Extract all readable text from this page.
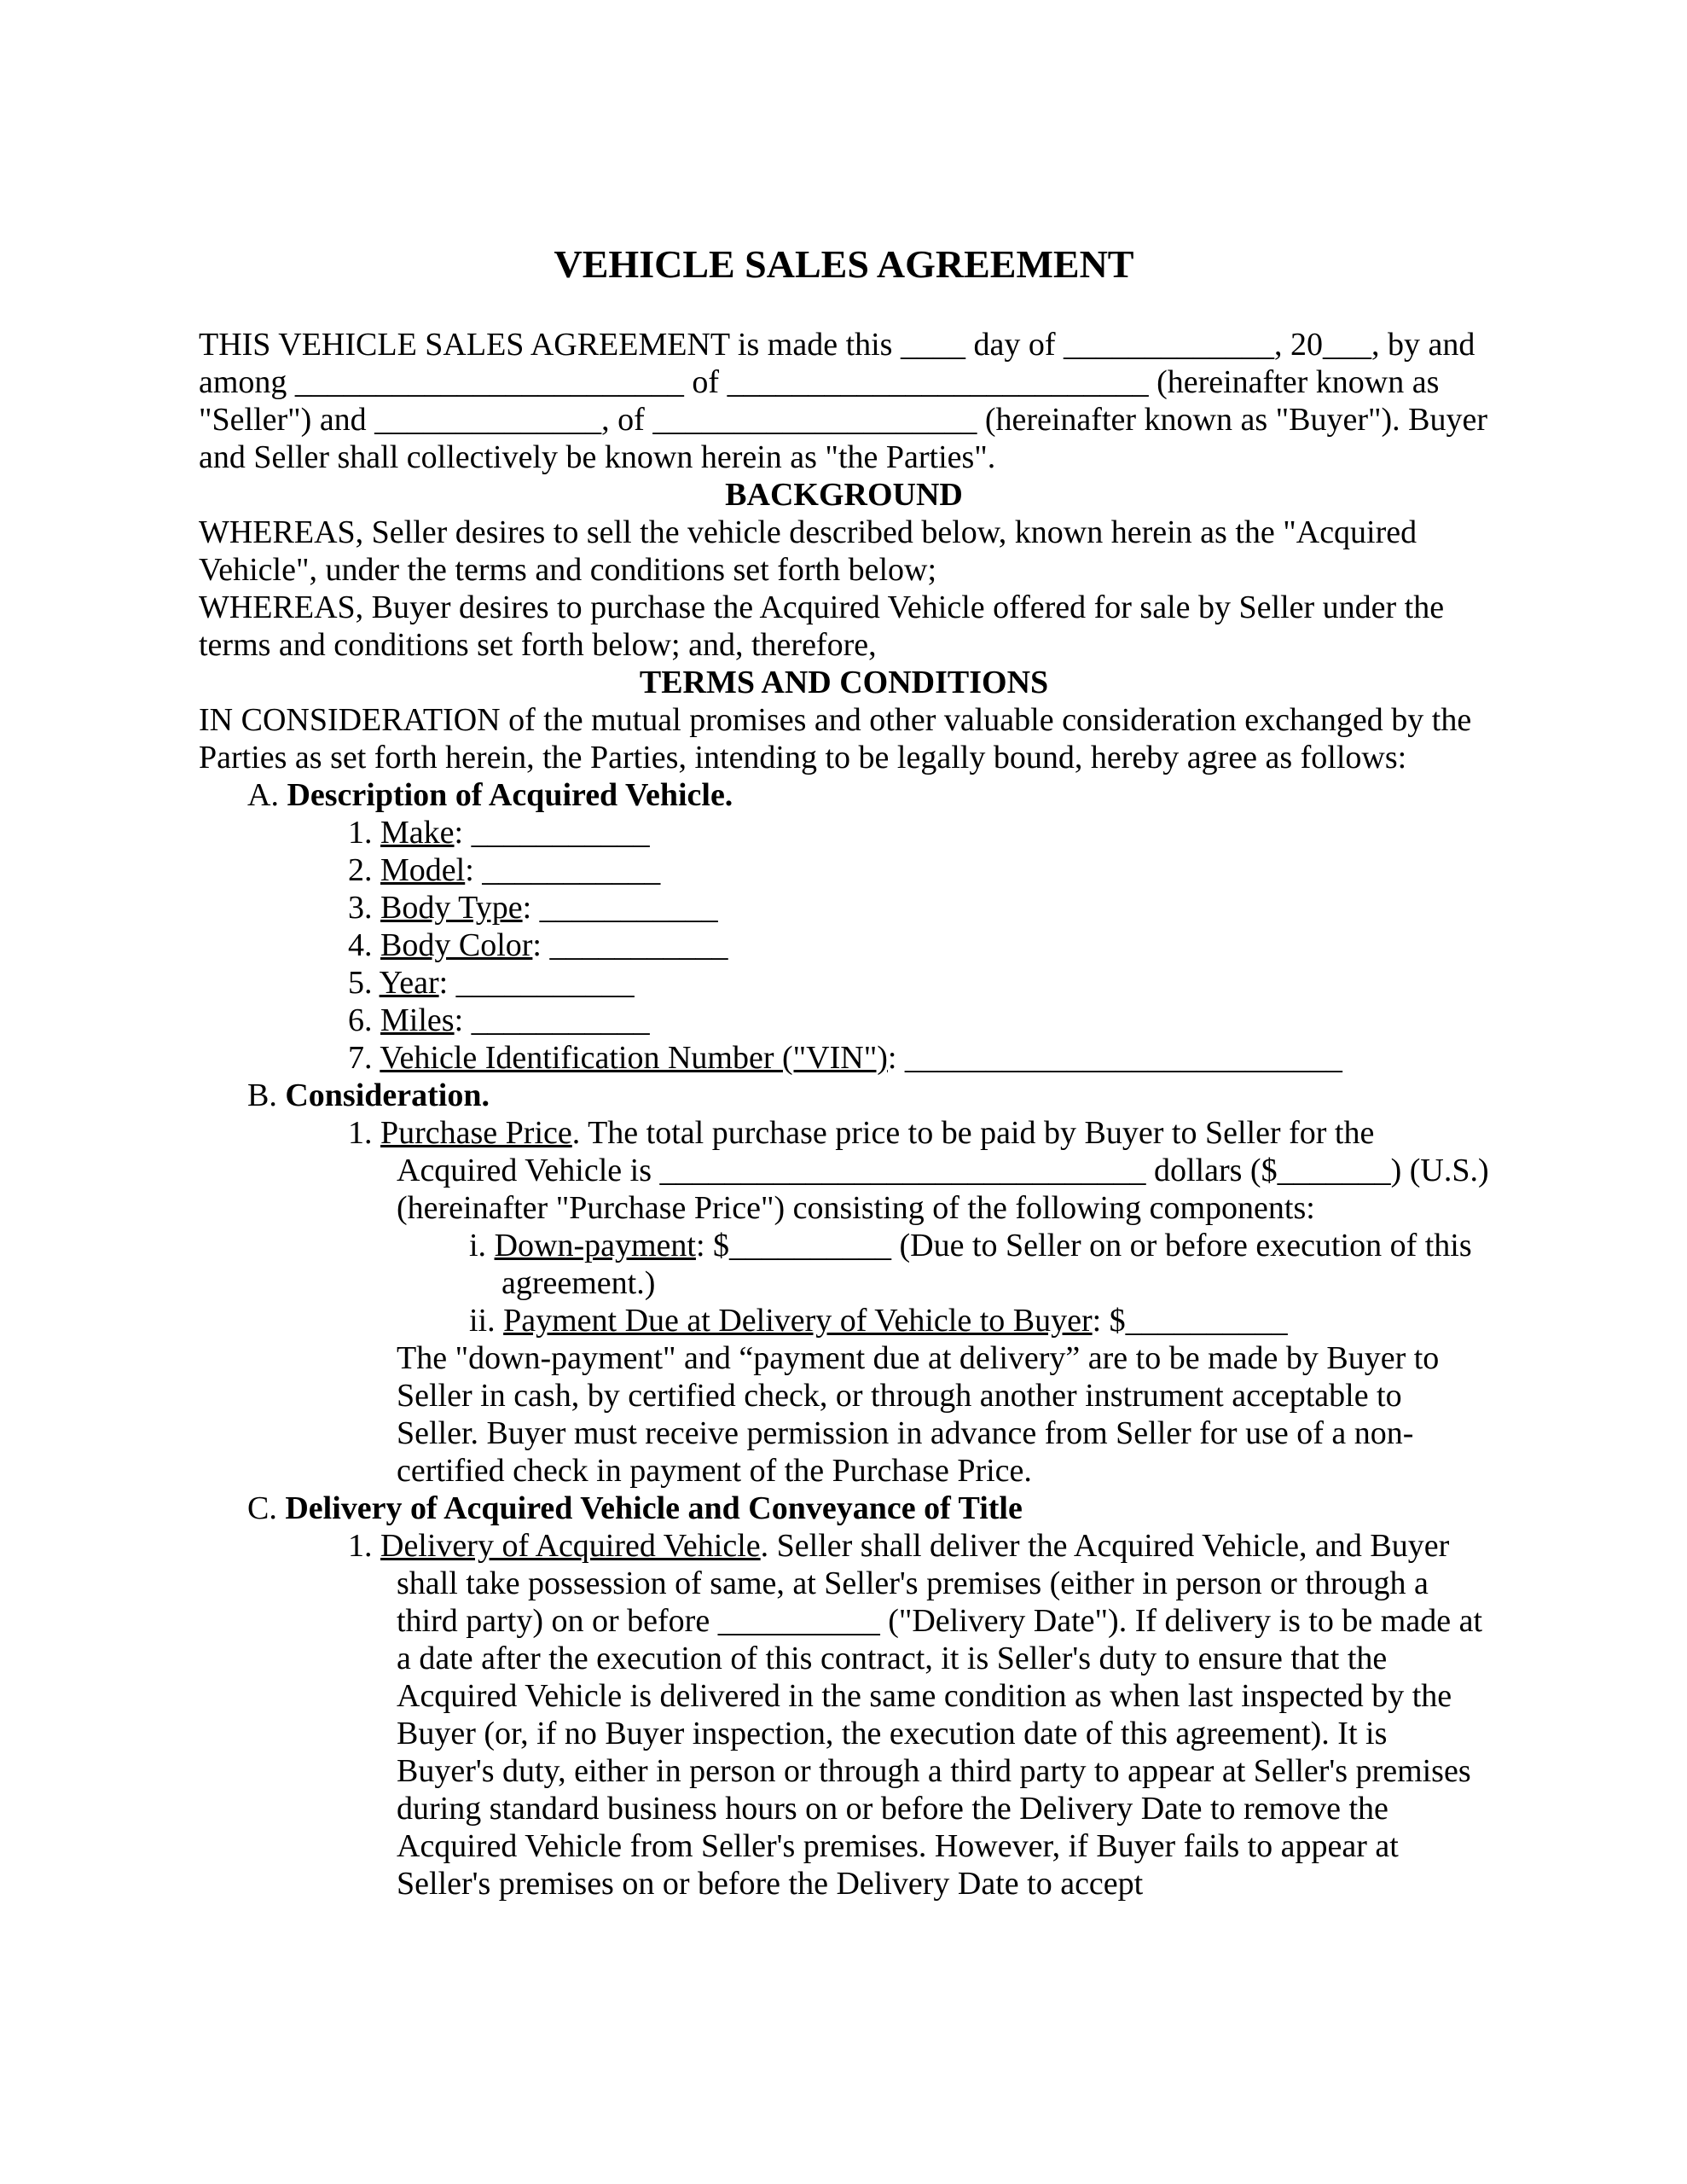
VEHICLE SALES AGREEMENT

THIS VEHICLE SALES AGREEMENT is made this ____ day of _____________, 20___, by and among ________________________ of __________________________ (hereinafter known as "Seller") and ______________, of ____________________ (hereinafter known as "Buyer"). Buyer and Seller shall collectively be known herein as "the Parties".

BACKGROUND

WHEREAS, Seller desires to sell the vehicle described below, known herein as the "Acquired Vehicle", under the terms and conditions set forth below;

WHEREAS, Buyer desires to purchase the Acquired Vehicle offered for sale by Seller under the terms and conditions set forth below; and, therefore,

TERMS AND CONDITIONS

IN CONSIDERATION of the mutual promises and other valuable consideration exchanged by the Parties as set forth herein, the Parties, intending to be legally bound, hereby agree as follows:

A. Description of Acquired Vehicle.

1. Make: ___________

2. Model: ___________

3. Body Type: ___________

4. Body Color: ___________

5. Year: ___________

6. Miles: ___________

7. Vehicle Identification Number ("VIN"): ___________________________

B. Consideration.

1. Purchase Price. The total purchase price to be paid by Buyer to Seller for the Acquired Vehicle is ______________________________ dollars ($_______) (U.S.) (hereinafter "Purchase Price") consisting of the following components:

i. Down-payment: $__________ (Due to Seller on or before execution of this agreement.)

ii. Payment Due at Delivery of Vehicle to Buyer: $__________

The "down-payment" and “payment due at delivery” are to be made by Buyer to Seller in cash, by certified check, or through another instrument acceptable to Seller. Buyer must receive permission in advance from Seller for use of a non-certified check in payment of the Purchase Price.

C. Delivery of Acquired Vehicle and Conveyance of Title

1. Delivery of Acquired Vehicle. Seller shall deliver the Acquired Vehicle, and Buyer shall take possession of same, at Seller's premises (either in person or through a third party) on or before __________ ("Delivery Date"). If delivery is to be made at a date after the execution of this contract, it is Seller's duty to ensure that the Acquired Vehicle is delivered in the same condition as when last inspected by the Buyer (or, if no Buyer inspection, the execution date of this agreement). It is Buyer's duty, either in person or through a third party to appear at Seller's premises during standard business hours on or before the Delivery Date to remove the Acquired Vehicle from Seller's premises. However, if Buyer fails to appear at Seller's premises on or before the Delivery Date to accept
